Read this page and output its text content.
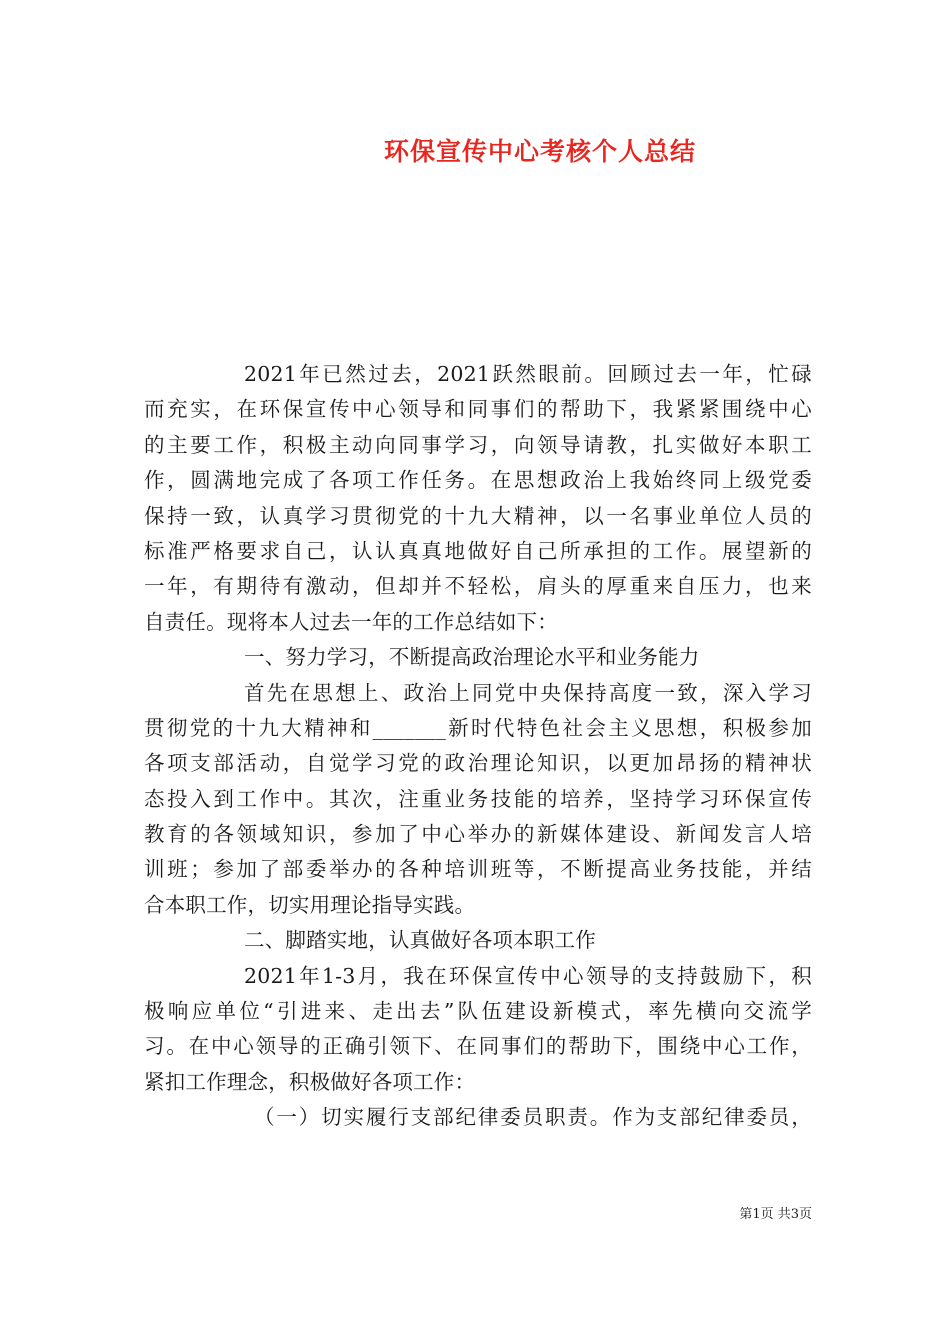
环保宣传中心考核个人总结
2021年已然过去，2021跃然眼前。回顾过去一年，忙碌
而充实，在环保宣传中心领导和同事们的帮助下，我紧紧围绕中心
的主要工作，积极主动向同事学习，向领导请教，扎实做好本职工
作，圆满地完成了各项工作任务。在思想政治上我始终同上级党委
保持一致，认真学习贯彻党的十九大精神，以一名事业单位人员的
标准严格要求自己，认认真真地做好自己所承担的工作。展望新的
一年，有期待有激动，但却并不轻松，肩头的厚重来自压力，也来
自责任。现将本人过去一年的工作总结如下：
一、努力学习，不断提高政治理论水平和业务能力
首先在思想上、政治上同党中央保持高度一致，深入学习
贯彻党的十九大精神和_______新时代特色社会主义思想，积极参加
各项支部活动，自觉学习党的政治理论知识，以更加昂扬的精神状
态投入到工作中。其次，注重业务技能的培养，坚持学习环保宣传
教育的各领域知识，参加了中心举办的新媒体建设、新闻发言人培
训班；参加了部委举办的各种培训班等，不断提高业务技能，并结
合本职工作，切实用理论指导实践。
二、脚踏实地，认真做好各项本职工作
2021年1-3月，我在环保宣传中心领导的支持鼓励下，积
极响应单位“引进来、走出去”队伍建设新模式，率先横向交流学
习。在中心领导的正确引领下、在同事们的帮助下，围绕中心工作，
紧扣工作理念，积极做好各项工作：
（一）切实履行支部纪律委员职责。作为支部纪律委员，
第1页 共3页
